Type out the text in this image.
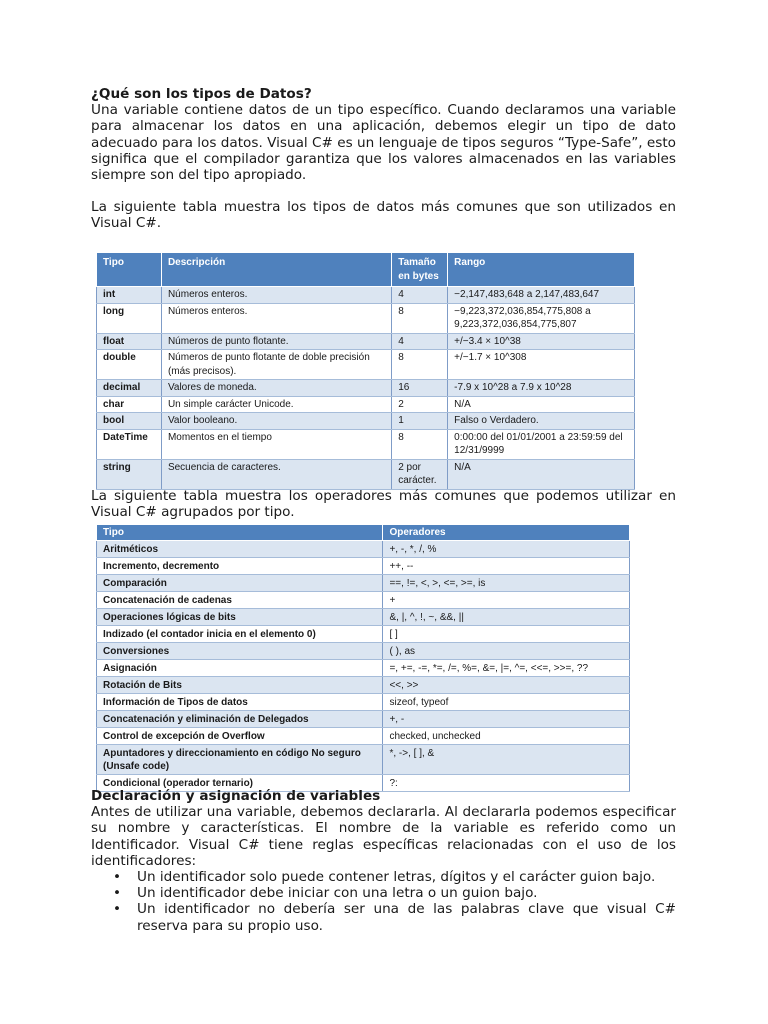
¿Qué son los tipos de Datos?

Una variable contiene datos de un tipo específico. Cuando declaramos una variable para almacenar los datos en una aplicación, debemos elegir un tipo de dato adecuado para los datos. Visual C# es un lenguaje de tipos seguros “Type-Safe”, esto significa que el compilador garantiza que los valores almacenados en las variables siempre son del tipo apropiado.

La siguiente tabla muestra los tipos de datos más comunes que son utilizados en Visual C#.

Tipo	Descripción	Tamaño en bytes	Rango
int	Números enteros.	4	−2,147,483,648 a 2,147,483,647
long	Números enteros.	8	−9,223,372,036,854,775,808 a 9,223,372,036,854,775,807
float	Números de punto flotante.	4	+/−3.4 × 10^38
double	Números de punto flotante de doble precisión (más precisos).	8	+/−1.7 × 10^308
decimal	Valores de moneda.	16	-7.9 x 10^28 a 7.9 x 10^28
char	Un simple carácter Unicode.	2	N/A
bool	Valor booleano.	1	Falso o Verdadero.
DateTime	Momentos en el tiempo	8	0:00:00 del 01/01/2001 a 23:59:59 del 12/31/9999
string	Secuencia de caracteres.	2 por carácter.	N/A

La siguiente tabla muestra los operadores más comunes que podemos utilizar en Visual C# agrupados por tipo.

Tipo	Operadores
Aritméticos	+, -, *, /, %
Incremento, decremento	++, --
Comparación	==, !=, <, >, <=, >=, is
Concatenación de cadenas	+
Operaciones lógicas de bits	&, |, ^, !, ~, &&, ||
Indizado (el contador inicia en el elemento 0)	[ ]
Conversiones	( ), as
Asignación	=, +=, -=, *=, /=, %=, &=, |=, ^=, <<=, >>=, ??
Rotación de Bits	<<, >>
Información de Tipos de datos	sizeof, typeof
Concatenación y eliminación de Delegados	+, -
Control de excepción de Overflow	checked, unchecked
Apuntadores y direccionamiento en código No seguro (Unsafe code)	*, ->, [ ], &
Condicional (operador ternario)	?:

Declaración y asignación de variables

Antes de utilizar una variable, debemos declararla. Al declararla podemos especificar su nombre y características. El nombre de la variable es referido como un Identificador. Visual C# tiene reglas específicas relacionadas con el uso de los identificadores:

• Un identificador solo puede contener letras, dígitos y el carácter guion bajo.
• Un identificador debe iniciar con una letra o un guion bajo.
• Un identificador no debería ser una de las palabras clave que visual C# reserva para su propio uso.
